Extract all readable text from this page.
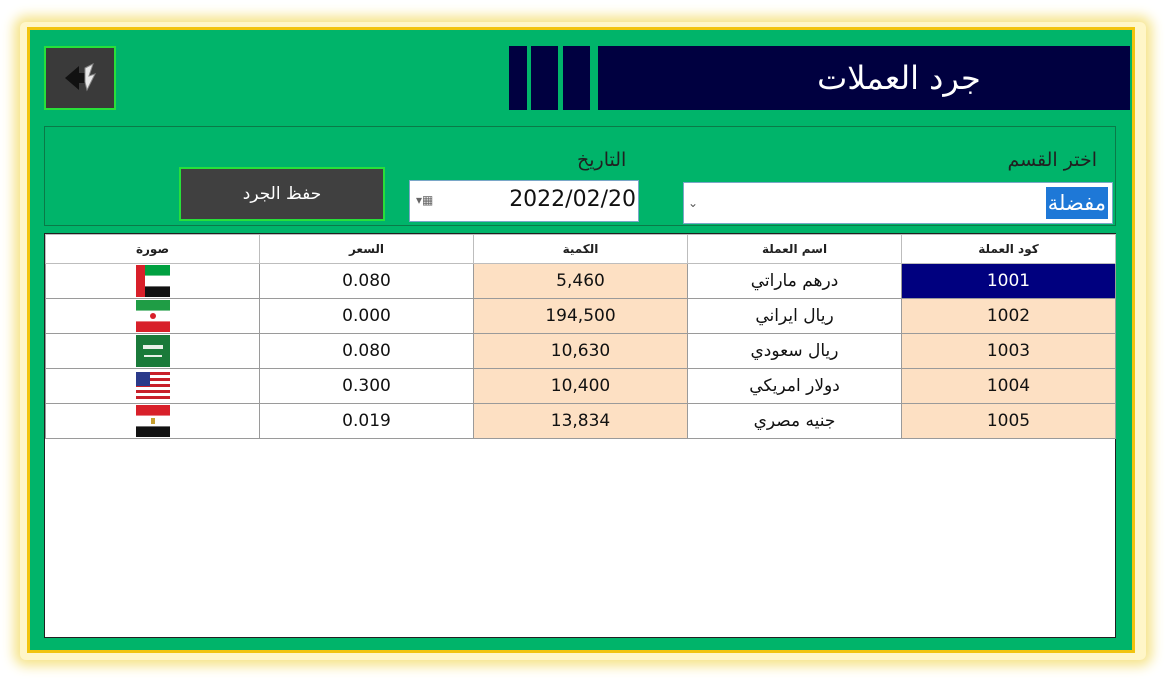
جرد العملات
اختر القسم
⌄	مفضلة
التاريخ
▾▦	2022/02/20
حفظ الجرد
كود العملة	اسم العملة	الكمية	السعر	صورة
1001	درهم ماراتي	5,460	0.080	
1002	ريال ايراني	194,500	0.000	
1003	ريال سعودي	10,630	0.080	
1004	دولار امريكي	10,400	0.300	
1005	جنيه مصري	13,834	0.019	
